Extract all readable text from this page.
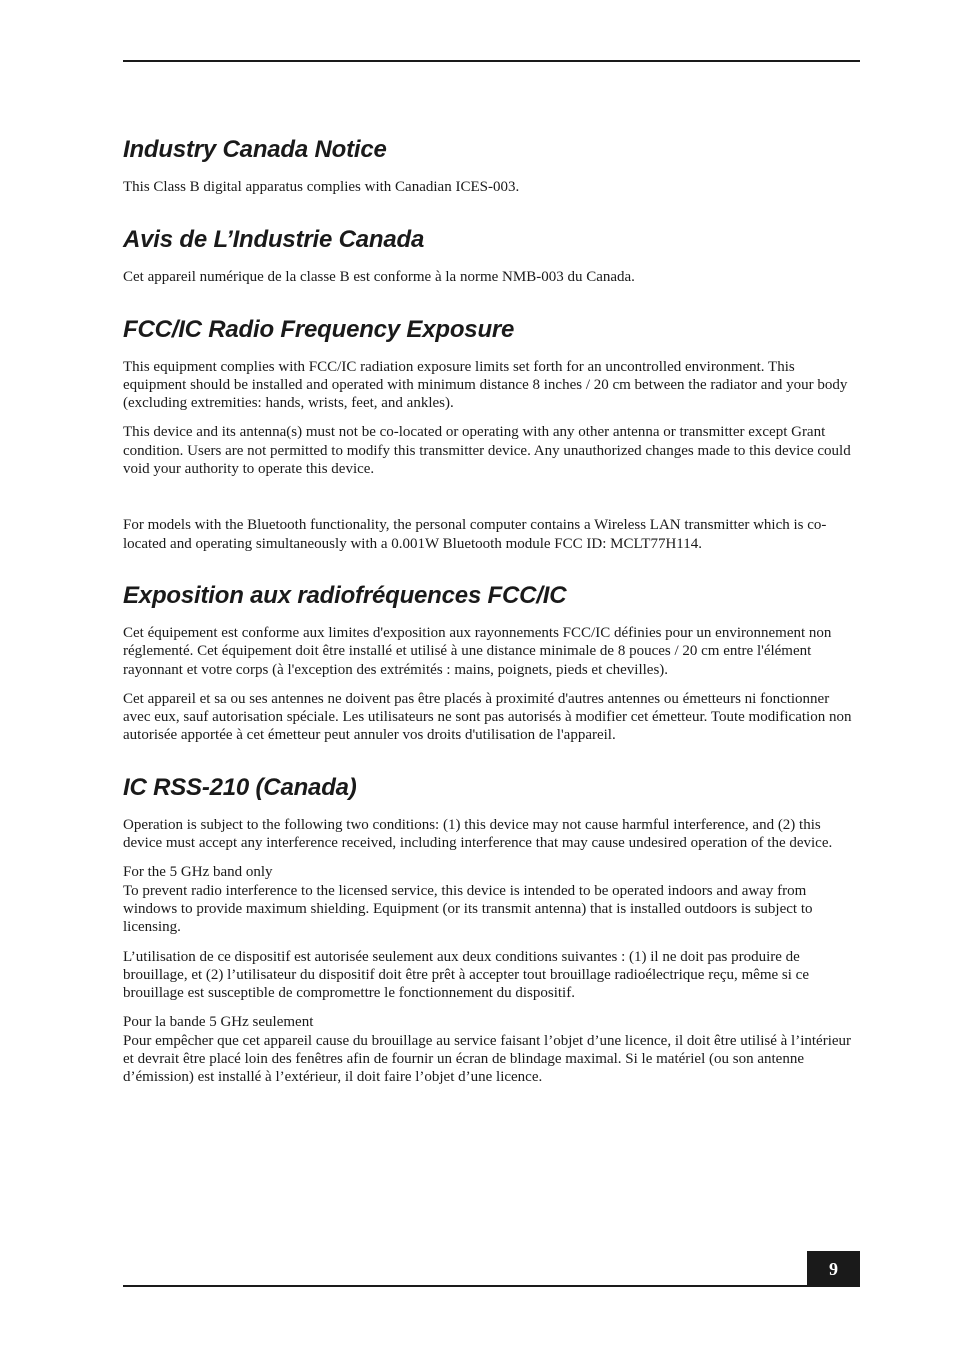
Industry Canada Notice

This Class B digital apparatus complies with Canadian ICES-003.

Avis de L’Industrie Canada

Cet appareil numérique de la classe B est conforme à la norme NMB-003 du Canada.

FCC/IC Radio Frequency Exposure

This equipment complies with FCC/IC radiation exposure limits set forth for an uncontrolled environment. This equipment should be installed and operated with minimum distance 8 inches / 20 cm between the radiator and your body (excluding extremities: hands, wrists, feet, and ankles).

This device and its antenna(s) must not be co-located or operating with any other antenna or transmitter except Grant condition. Users are not permitted to modify this transmitter device. Any unauthorized changes made to this device could void your authority to operate this device.

For models with the Bluetooth functionality, the personal computer contains a Wireless LAN transmitter which is co-located and operating simultaneously with a 0.001W Bluetooth module FCC ID: MCLT77H114.

Exposition aux radiofréquences FCC/IC

Cet équipement est conforme aux limites d'exposition aux rayonnements FCC/IC définies pour un environnement non réglementé. Cet équipement doit être installé et utilisé à une distance minimale de 8 pouces / 20 cm entre l'élément rayonnant et votre corps (à l'exception des extrémités : mains, poignets, pieds et chevilles).

Cet appareil et sa ou ses antennes ne doivent pas être placés à proximité d'autres antennes ou émetteurs ni fonctionner avec eux, sauf autorisation spéciale. Les utilisateurs ne sont pas autorisés à modifier cet émetteur. Toute modification non autorisée apportée à cet émetteur peut annuler vos droits d'utilisation de l'appareil.

IC RSS-210 (Canada)

Operation is subject to the following two conditions: (1) this device may not cause harmful interference, and (2) this device must accept any interference received, including interference that may cause undesired operation of the device.

For the 5 GHz band only
To prevent radio interference to the licensed service, this device is intended to be operated indoors and away from windows to provide maximum shielding. Equipment (or its transmit antenna) that is installed outdoors is subject to licensing.

L’utilisation de ce dispositif est autorisée seulement aux deux conditions suivantes : (1) il ne doit pas produire de brouillage, et (2) l’utilisateur du dispositif doit être prêt à accepter tout brouillage radioélectrique reçu, même si ce brouillage est susceptible de compromettre le fonctionnement du dispositif.

Pour la bande 5 GHz seulement
Pour empêcher que cet appareil cause du brouillage au service faisant l’objet d’une licence, il doit être utilisé à l’intérieur et devrait être placé loin des fenêtres afin de fournir un écran de blindage maximal. Si le matériel (ou son antenne d’émission) est installé à l’extérieur, il doit faire l’objet d’une licence.

9
